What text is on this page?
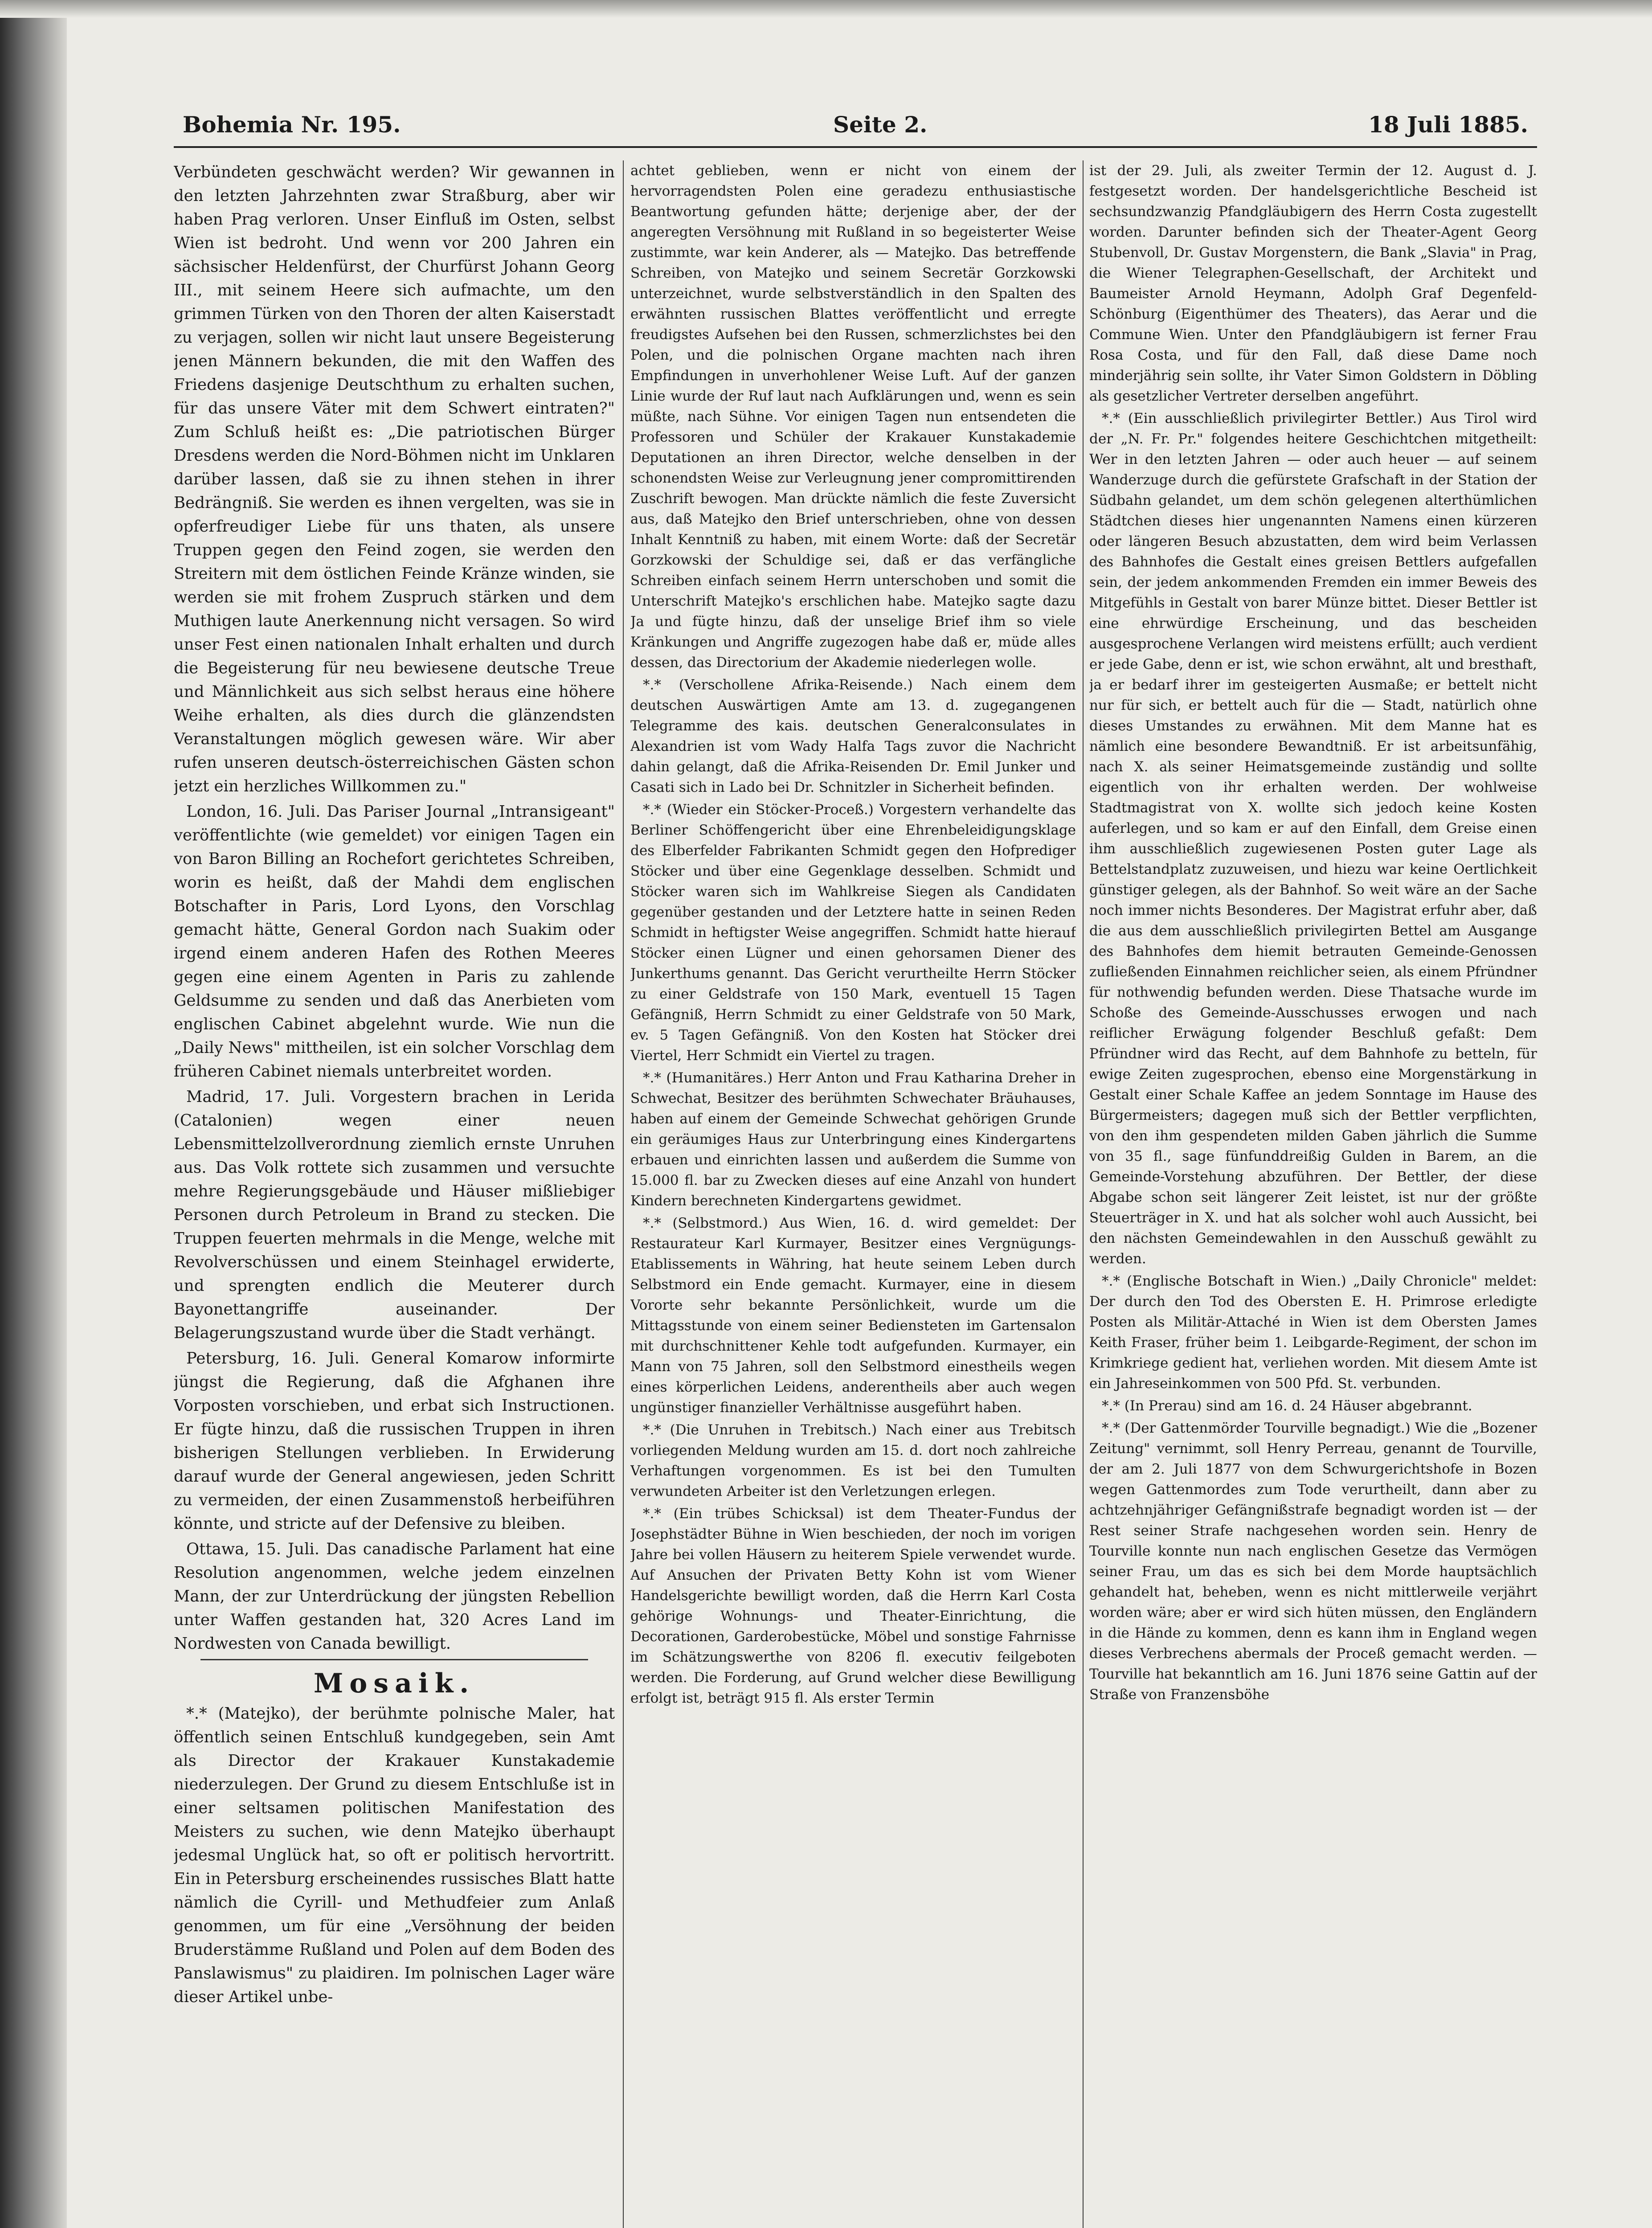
Bohemia Nr. 195.	Seite 2.	18 Juli 1885.

Verbündeten geschwächt werden? Wir gewannen in den letzten Jahrzehnten zwar Straßburg, aber wir haben Prag verloren. Unser Einfluß im Osten, selbst Wien ist bedroht. Und wenn vor 200 Jahren ein sächsischer Heldenfürst, der Churfürst Johann Georg III., mit seinem Heere sich aufmachte, um den grimmen Türken von den Thoren der alten Kaiserstadt zu verjagen, sollen wir nicht laut unsere Begeisterung jenen Männern bekunden, die mit den Waffen des Friedens dasjenige Deutschthum zu erhalten suchen, für das unsere Väter mit dem Schwert eintraten?" Zum Schluß heißt es: „Die patriotischen Bürger Dresdens werden die Nord-Böhmen nicht im Unklaren darüber lassen, daß sie zu ihnen stehen in ihrer Bedrängniß. Sie werden es ihnen vergelten, was sie in opferfreudiger Liebe für uns thaten, als unsere Truppen gegen den Feind zogen, sie werden den Streitern mit dem östlichen Feinde Kränze winden, sie werden sie mit frohem Zuspruch stärken und dem Muthigen laute Anerkennung nicht versagen. So wird unser Fest einen nationalen Inhalt erhalten und durch die Begeisterung für neu bewiesene deutsche Treue und Männlichkeit aus sich selbst heraus eine höhere Weihe erhalten, als dies durch die glänzendsten Veranstaltungen möglich gewesen wäre. Wir aber rufen unseren deutsch-österreichischen Gästen schon jetzt ein herzliches Willkommen zu."

London, 16. Juli. Das Pariser Journal „Intransigeant" veröffentlichte (wie gemeldet) vor einigen Tagen ein von Baron Billing an Rochefort gerichtetes Schreiben, worin es heißt, daß der Mahdi dem englischen Botschafter in Paris, Lord Lyons, den Vorschlag gemacht hätte, General Gordon nach Suakim oder irgend einem anderen Hafen des Rothen Meeres gegen eine einem Agenten in Paris zu zahlende Geldsumme zu senden und daß das Anerbieten vom englischen Cabinet abgelehnt wurde. Wie nun die „Daily News" mittheilen, ist ein solcher Vorschlag dem früheren Cabinet niemals unterbreitet worden.

Madrid, 17. Juli. Vorgestern brachen in Lerida (Catalonien) wegen einer neuen Lebensmittelzollverordnung ziemlich ernste Unruhen aus. Das Volk rottete sich zusammen und versuchte mehre Regierungsgebäude und Häuser mißliebiger Personen durch Petroleum in Brand zu stecken. Die Truppen feuerten mehrmals in die Menge, welche mit Revolverschüssen und einem Steinhagel erwiderte, und sprengten endlich die Meuterer durch Bayonettangriffe auseinander. Der Belagerungszustand wurde über die Stadt verhängt.

Petersburg, 16. Juli. General Komarow informirte jüngst die Regierung, daß die Afghanen ihre Vorposten vorschieben, und erbat sich Instructionen. Er fügte hinzu, daß die russischen Truppen in ihren bisherigen Stellungen verblieben. In Erwiderung darauf wurde der General angewiesen, jeden Schritt zu vermeiden, der einen Zusammenstoß herbeiführen könnte, und stricte auf der Defensive zu bleiben.

Ottawa, 15. Juli. Das canadische Parlament hat eine Resolution angenommen, welche jedem einzelnen Mann, der zur Unterdrückung der jüngsten Rebellion unter Waffen gestanden hat, 320 Acres Land im Nordwesten von Canada bewilligt.

Mosaik.

*.* (Matejko), der berühmte polnische Maler, hat öffentlich seinen Entschluß kundgegeben, sein Amt als Director der Krakauer Kunstakademie niederzulegen. Der Grund zu diesem Entschluße ist in einer seltsamen politischen Manifestation des Meisters zu suchen, wie denn Matejko überhaupt jedesmal Unglück hat, so oft er politisch hervortritt. Ein in Petersburg erscheinendes russisches Blatt hatte nämlich die Cyrill- und Methudfeier zum Anlaß genommen, um für eine „Versöhnung der beiden Bruderstämme Rußland und Polen auf dem Boden des Panslawismus" zu plaidiren. Im polnischen Lager wäre dieser Artikel unbe-

achtet geblieben, wenn er nicht von einem der hervorragendsten Polen eine geradezu enthusiastische Beantwortung gefunden hätte; derjenige aber, der der angeregten Versöhnung mit Rußland in so begeisterter Weise zustimmte, war kein Anderer, als — Matejko. Das betreffende Schreiben, von Matejko und seinem Secretär Gorzkowski unterzeichnet, wurde selbstverständlich in den Spalten des erwähnten russischen Blattes veröffentlicht und erregte freudigstes Aufsehen bei den Russen, schmerzlichstes bei den Polen, und die polnischen Organe machten nach ihren Empfindungen in unverhohlener Weise Luft. Auf der ganzen Linie wurde der Ruf laut nach Aufklärungen und, wenn es sein müßte, nach Sühne. Vor einigen Tagen nun entsendeten die Professoren und Schüler der Krakauer Kunstakademie Deputationen an ihren Director, welche denselben in der schonendsten Weise zur Verleugnung jener compromittirenden Zuschrift bewogen. Man drückte nämlich die feste Zuversicht aus, daß Matejko den Brief unterschrieben, ohne von dessen Inhalt Kenntniß zu haben, mit einem Worte: daß der Secretär Gorzkowski der Schuldige sei, daß er das verfängliche Schreiben einfach seinem Herrn unterschoben und somit die Unterschrift Matejko's erschlichen habe. Matejko sagte dazu Ja und fügte hinzu, daß der unselige Brief ihm so viele Kränkungen und Angriffe zugezogen habe daß er, müde alles dessen, das Directorium der Akademie niederlegen wolle.

*.* (Verschollene Afrika-Reisende.) Nach einem dem deutschen Auswärtigen Amte am 13. d. zugegangenen Telegramme des kais. deutschen Generalconsulates in Alexandrien ist vom Wady Halfa Tags zuvor die Nachricht dahin gelangt, daß die Afrika-Reisenden Dr. Emil Junker und Casati sich in Lado bei Dr. Schnitzler in Sicherheit befinden.

*.* (Wieder ein Stöcker-Proceß.) Vorgestern verhandelte das Berliner Schöffengericht über eine Ehrenbeleidigungsklage des Elberfelder Fabrikanten Schmidt gegen den Hofprediger Stöcker und über eine Gegenklage desselben. Schmidt und Stöcker waren sich im Wahlkreise Siegen als Candidaten gegenüber gestanden und der Letztere hatte in seinen Reden Schmidt in heftigster Weise angegriffen. Schmidt hatte hierauf Stöcker einen Lügner und einen gehorsamen Diener des Junkerthums genannt. Das Gericht verurtheilte Herrn Stöcker zu einer Geldstrafe von 150 Mark, eventuell 15 Tagen Gefängniß, Herrn Schmidt zu einer Geldstrafe von 50 Mark, ev. 5 Tagen Gefängniß. Von den Kosten hat Stöcker drei Viertel, Herr Schmidt ein Viertel zu tragen.

*.* (Humanitäres.) Herr Anton und Frau Katharina Dreher in Schwechat, Besitzer des berühmten Schwechater Bräuhauses, haben auf einem der Gemeinde Schwechat gehörigen Grunde ein geräumiges Haus zur Unterbringung eines Kindergartens erbauen und einrichten lassen und außerdem die Summe von 15.000 fl. bar zu Zwecken dieses auf eine Anzahl von hundert Kindern berechneten Kindergartens gewidmet.

*.* (Selbstmord.) Aus Wien, 16. d. wird gemeldet: Der Restaurateur Karl Kurmayer, Besitzer eines Vergnügungs-Etablissements in Währing, hat heute seinem Leben durch Selbstmord ein Ende gemacht. Kurmayer, eine in diesem Vororte sehr bekannte Persönlichkeit, wurde um die Mittagsstunde von einem seiner Bediensteten im Gartensalon mit durchschnittener Kehle todt aufgefunden. Kurmayer, ein Mann von 75 Jahren, soll den Selbstmord einestheils wegen eines körperlichen Leidens, anderentheils aber auch wegen ungünstiger finanzieller Verhältnisse ausgeführt haben.

*.* (Die Unruhen in Trebitsch.) Nach einer aus Trebitsch vorliegenden Meldung wurden am 15. d. dort noch zahlreiche Verhaftungen vorgenommen. Es ist bei den Tumulten verwundeten Arbeiter ist den Verletzungen erlegen.

*.* (Ein trübes Schicksal) ist dem Theater-Fundus der Josephstädter Bühne in Wien beschieden, der noch im vorigen Jahre bei vollen Häusern zu heiterem Spiele verwendet wurde. Auf Ansuchen der Privaten Betty Kohn ist vom Wiener Handelsgerichte bewilligt worden, daß die Herrn Karl Costa gehörige Wohnungs- und Theater-Einrichtung, die Decorationen, Garderobestücke, Möbel und sonstige Fahrnisse im Schätzungswerthe von 8206 fl. executiv feilgeboten werden. Die Forderung, auf Grund welcher diese Bewilligung erfolgt ist, beträgt 915 fl. Als erster Termin

ist der 29. Juli, als zweiter Termin der 12. August d. J. festgesetzt worden. Der handelsgerichtliche Bescheid ist sechsundzwanzig Pfandgläubigern des Herrn Costa zugestellt worden. Darunter befinden sich der Theater-Agent Georg Stubenvoll, Dr. Gustav Morgenstern, die Bank „Slavia" in Prag, die Wiener Telegraphen-Gesellschaft, der Architekt und Baumeister Arnold Heymann, Adolph Graf Degenfeld-Schönburg (Eigenthümer des Theaters), das Aerar und die Commune Wien. Unter den Pfandgläubigern ist ferner Frau Rosa Costa, und für den Fall, daß diese Dame noch minderjährig sein sollte, ihr Vater Simon Goldstern in Döbling als gesetzlicher Vertreter derselben angeführt.

*.* (Ein ausschließlich privilegirter Bettler.) Aus Tirol wird der „N. Fr. Pr." folgendes heitere Geschichtchen mitgetheilt: Wer in den letzten Jahren — oder auch heuer — auf seinem Wanderzuge durch die gefürstete Grafschaft in der Station der Südbahn gelandet, um dem schön gelegenen alterthümlichen Städtchen dieses hier ungenannten Namens einen kürzeren oder längeren Besuch abzustatten, dem wird beim Verlassen des Bahnhofes die Gestalt eines greisen Bettlers aufgefallen sein, der jedem ankommenden Fremden ein immer Beweis des Mitgefühls in Gestalt von barer Münze bittet. Dieser Bettler ist eine ehrwürdige Erscheinung, und das bescheiden ausgesprochene Verlangen wird meistens erfüllt; auch verdient er jede Gabe, denn er ist, wie schon erwähnt, alt und bresthaft, ja er bedarf ihrer im gesteigerten Ausmaße; er bettelt nicht nur für sich, er bettelt auch für die — Stadt, natürlich ohne dieses Umstandes zu erwähnen. Mit dem Manne hat es nämlich eine besondere Bewandtniß. Er ist arbeitsunfähig, nach X. als seiner Heimatsgemeinde zuständig und sollte eigentlich von ihr erhalten werden. Der wohlweise Stadtmagistrat von X. wollte sich jedoch keine Kosten auferlegen, und so kam er auf den Einfall, dem Greise einen ihm ausschließlich zugewiesenen Posten guter Lage als Bettelstandplatz zuzuweisen, und hiezu war keine Oertlichkeit günstiger gelegen, als der Bahnhof. So weit wäre an der Sache noch immer nichts Besonderes. Der Magistrat erfuhr aber, daß die aus dem ausschließlich privilegirten Bettel am Ausgange des Bahnhofes dem hiemit betrauten Gemeinde-Genossen zufließenden Einnahmen reichlicher seien, als einem Pfründner für nothwendig befunden werden. Diese Thatsache wurde im Schoße des Gemeinde-Ausschusses erwogen und nach reiflicher Erwägung folgender Beschluß gefaßt: Dem Pfründner wird das Recht, auf dem Bahnhofe zu betteln, für ewige Zeiten zugesprochen, ebenso eine Morgenstärkung in Gestalt einer Schale Kaffee an jedem Sonntage im Hause des Bürgermeisters; dagegen muß sich der Bettler verpflichten, von den ihm gespendeten milden Gaben jährlich die Summe von 35 fl., sage fünfunddreißig Gulden in Barem, an die Gemeinde-Vorstehung abzuführen. Der Bettler, der diese Abgabe schon seit längerer Zeit leistet, ist nur der größte Steuerträger in X. und hat als solcher wohl auch Aussicht, bei den nächsten Gemeindewahlen in den Ausschuß gewählt zu werden.

*.* (Englische Botschaft in Wien.) „Daily Chronicle" meldet: Der durch den Tod des Obersten E. H. Primrose erledigte Posten als Militär-Attaché in Wien ist dem Obersten James Keith Fraser, früher beim 1. Leibgarde-Regiment, der schon im Krimkriege gedient hat, verliehen worden. Mit diesem Amte ist ein Jahreseinkommen von 500 Pfd. St. verbunden.

*.* (In Prerau) sind am 16. d. 24 Häuser abgebrannt.

*.* (Der Gattenmörder Tourville begnadigt.) Wie die „Bozener Zeitung" vernimmt, soll Henry Perreau, genannt de Tourville, der am 2. Juli 1877 von dem Schwurgerichtshofe in Bozen wegen Gattenmordes zum Tode verurtheilt, dann aber zu achtzehnjähriger Gefängnißstrafe begnadigt worden ist — der Rest seiner Strafe nachgesehen worden sein. Henry de Tourville konnte nun nach englischen Gesetze das Vermögen seiner Frau, um das es sich bei dem Morde hauptsächlich gehandelt hat, beheben, wenn es nicht mittlerweile verjährt worden wäre; aber er wird sich hüten müssen, den Engländern in die Hände zu kommen, denn es kann ihm in England wegen dieses Verbrechens abermals der Proceß gemacht werden. — Tourville hat bekanntlich am 16. Juni 1876 seine Gattin auf der Straße von Franzensböhe
